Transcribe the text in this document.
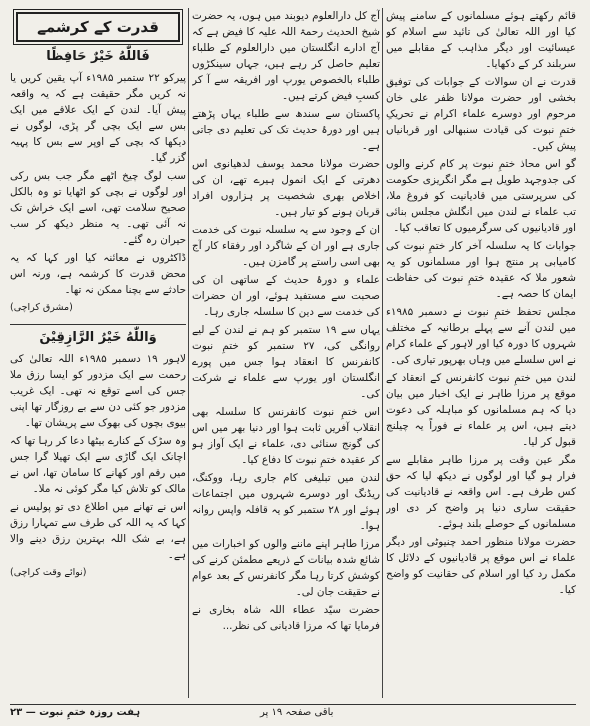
قائم رکھتے ہوئے مسلمانوں کے سامنے پیش کیا اور اللہ تعالیٰ کی تائید سے اسلام کو عیسائیت اور دیگر مذاہب کے مقابلے میں سربلند کر کے دکھایا۔

قدرت نے ان سوالات کے جوابات کی توفیق بخشی اور حضرت مولانا ظفر علی خان مرحوم اور دوسرے علماء اکرام نے تحریکِ ختمِ نبوت کی قیادت سنبھالی اور قربانیاں پیش کیں۔

گو اس محاذ ختمِ نبوت پر کام کرنے والوں کی جدوجہد طویل ہے مگر انگریزی حکومت کی سرپرستی میں قادیانیت کو فروغ ملا، تب علماء نے لندن میں انگلش مجلس بنائی اور قادیانیوں کی سرگرمیوں کا تعاقب کیا۔

جوابات کا یہ سلسلہ آخر کار ختمِ نبوت کی کامیابی پر منتج ہوا اور مسلمانوں کو یہ شعور ملا کہ عقیدہ ختمِ نبوت کی حفاظت ایمان کا حصہ ہے۔

مجلس تحفظ ختمِ نبوت نے دسمبر ۱۹۸۵ء میں لندن آنے سے پہلے برطانیہ کے مختلف شہروں کا دورہ کیا اور لاہور کے علماء کرام نے اس سلسلے میں وہاں بھرپور تیاری کی۔

لندن میں ختمِ نبوت کانفرنس کے انعقاد کے موقع پر مرزا طاہر نے ایک اخبار میں بیان دیا کہ ہم مسلمانوں کو مباہلہ کی دعوت دیتے ہیں، اس پر علماء نے فوراً یہ چیلنج قبول کر لیا۔

مگر عین وقت پر مرزا طاہر مقابلے سے فرار ہو گیا اور لوگوں نے دیکھ لیا کہ حق کس طرف ہے۔ اس واقعہ نے قادیانیت کی حقیقت ساری دنیا پر واضح کر دی اور مسلمانوں کے حوصلے بلند ہوئے۔

حضرت مولانا منظور احمد چنیوٹی اور دیگر علماء نے اس موقع پر قادیانیوں کے دلائل کا مکمل رد کیا اور اسلام کی حقانیت کو واضح کیا۔

آج کل دارالعلوم دیوبند میں ہوں، یہ حضرت شیخ الحدیث رحمۃ اللہ علیہ کا فیض ہے کہ آج ادارے انگلستان میں دارالعلوم کے طلباء تعلیم حاصل کر رہے ہیں، جہاں سینکڑوں طلباء بالخصوص یورپ اور افریقہ سے آ کر کسبِ فیض کرتے ہیں۔

پاکستان سے سندھ سے طلباء یہاں پڑھتے ہیں اور دورۂ حدیث تک کی تعلیم دی جاتی ہے۔

حضرت مولانا محمد یوسف لدھیانوی اس دھرتی کے ایک انمول ہیرے تھے، ان کی اخلاص بھری شخصیت پر ہزاروں افراد قربان ہونے کو تیار ہیں۔

ان کے وجود سے یہ سلسلہ نبوت کی خدمت جاری ہے اور ان کے شاگرد اور رفقاء کار آج بھی اسی راستے پر گامزن ہیں۔

علماء و دورۂ حدیث کے ساتھی ان کی صحبت سے مستفید ہوئے، اور ان حضرات کی خدمت سے دین کا سلسلہ جاری رہا۔

یہاں سے ۱۹ ستمبر کو ہم نے لندن کے لیے روانگی کی، ۲۷ ستمبر کو ختمِ نبوت کانفرنس کا انعقاد ہوا جس میں پورے انگلستان اور یورپ سے علماء نے شرکت کی۔

اس ختمِ نبوت کانفرنس کا سلسلہ بھی انقلاب آفریں ثابت ہوا اور دنیا بھر میں اس کی گونج سنائی دی، علماء نے ایک آواز ہو کر عقیدہ ختمِ نبوت کا دفاع کیا۔

لندن میں تبلیغی کام جاری رہا، ووکنگ، ریڈنگ اور دوسرے شہروں میں اجتماعات ہوئے اور ۲۸ ستمبر کو یہ قافلہ واپس روانہ ہوا۔

مرزا طاہر اپنے ماننے والوں کو اخبارات میں شائع شدہ بیانات کے ذریعے مطمئن کرنے کی کوشش کرتا رہا مگر کانفرنس کے بعد عوام نے حقیقت جان لی۔

حضرت سیّد عطاء اللہ شاہ بخاری نے فرمایا تھا کہ مرزا قادیانی کی نظر...

قدرت کے کرشمے
فَاللّٰهُ خَیْرٌ حَافِظًا

پیرکو ۲۲ ستمبر ۱۹۸۵ء آپ یقین کریں یا نہ کریں مگر حقیقت ہے کہ یہ واقعہ پیش آیا۔ لندن کے ایک علاقے میں ایک بس سے ایک بچی گر پڑی، لوگوں نے دیکھا کہ بچی کے اوپر سے بس کا پہیہ گزر گیا۔

سب لوگ چیخ اٹھے مگر جب بس رکی اور لوگوں نے بچی کو اٹھایا تو وہ بالکل صحیح سلامت تھی، اسے ایک خراش تک نہ آئی تھی۔ یہ منظر دیکھ کر سب حیران رہ گئے۔

ڈاکٹروں نے معائنہ کیا اور کہا کہ یہ محض قدرت کا کرشمہ ہے، ورنہ اس حادثے سے بچنا ممکن نہ تھا۔

(مشرق کراچی)
وَاللّٰهُ خَیْرُ الرَّازِقِیْنَ

لاہور ۱۹ دسمبر ۱۹۸۵ء اللہ تعالیٰ کی رحمت سے ایک مزدور کو ایسا رزق ملا جس کی اسے توقع نہ تھی۔ ایک غریب مزدور جو کئی دن سے بے روزگار تھا اپنی بیوی بچوں کی بھوک سے پریشان تھا۔

وہ سڑک کے کنارے بیٹھا دعا کر رہا تھا کہ اچانک ایک گاڑی سے ایک تھیلا گرا جس میں رقم اور کھانے کا سامان تھا، اس نے مالک کو تلاش کیا مگر کوئی نہ ملا۔

اس نے تھانے میں اطلاع دی تو پولیس نے کہا کہ یہ اللہ کی طرف سے تمہارا رزق ہے، بے شک اللہ بہترین رزق دینے والا ہے۔

(نوائے وقت کراچی)
ہفت روزہ ختمِ نبوت — ۲۳	باقی صفحہ ۱۹ پر
